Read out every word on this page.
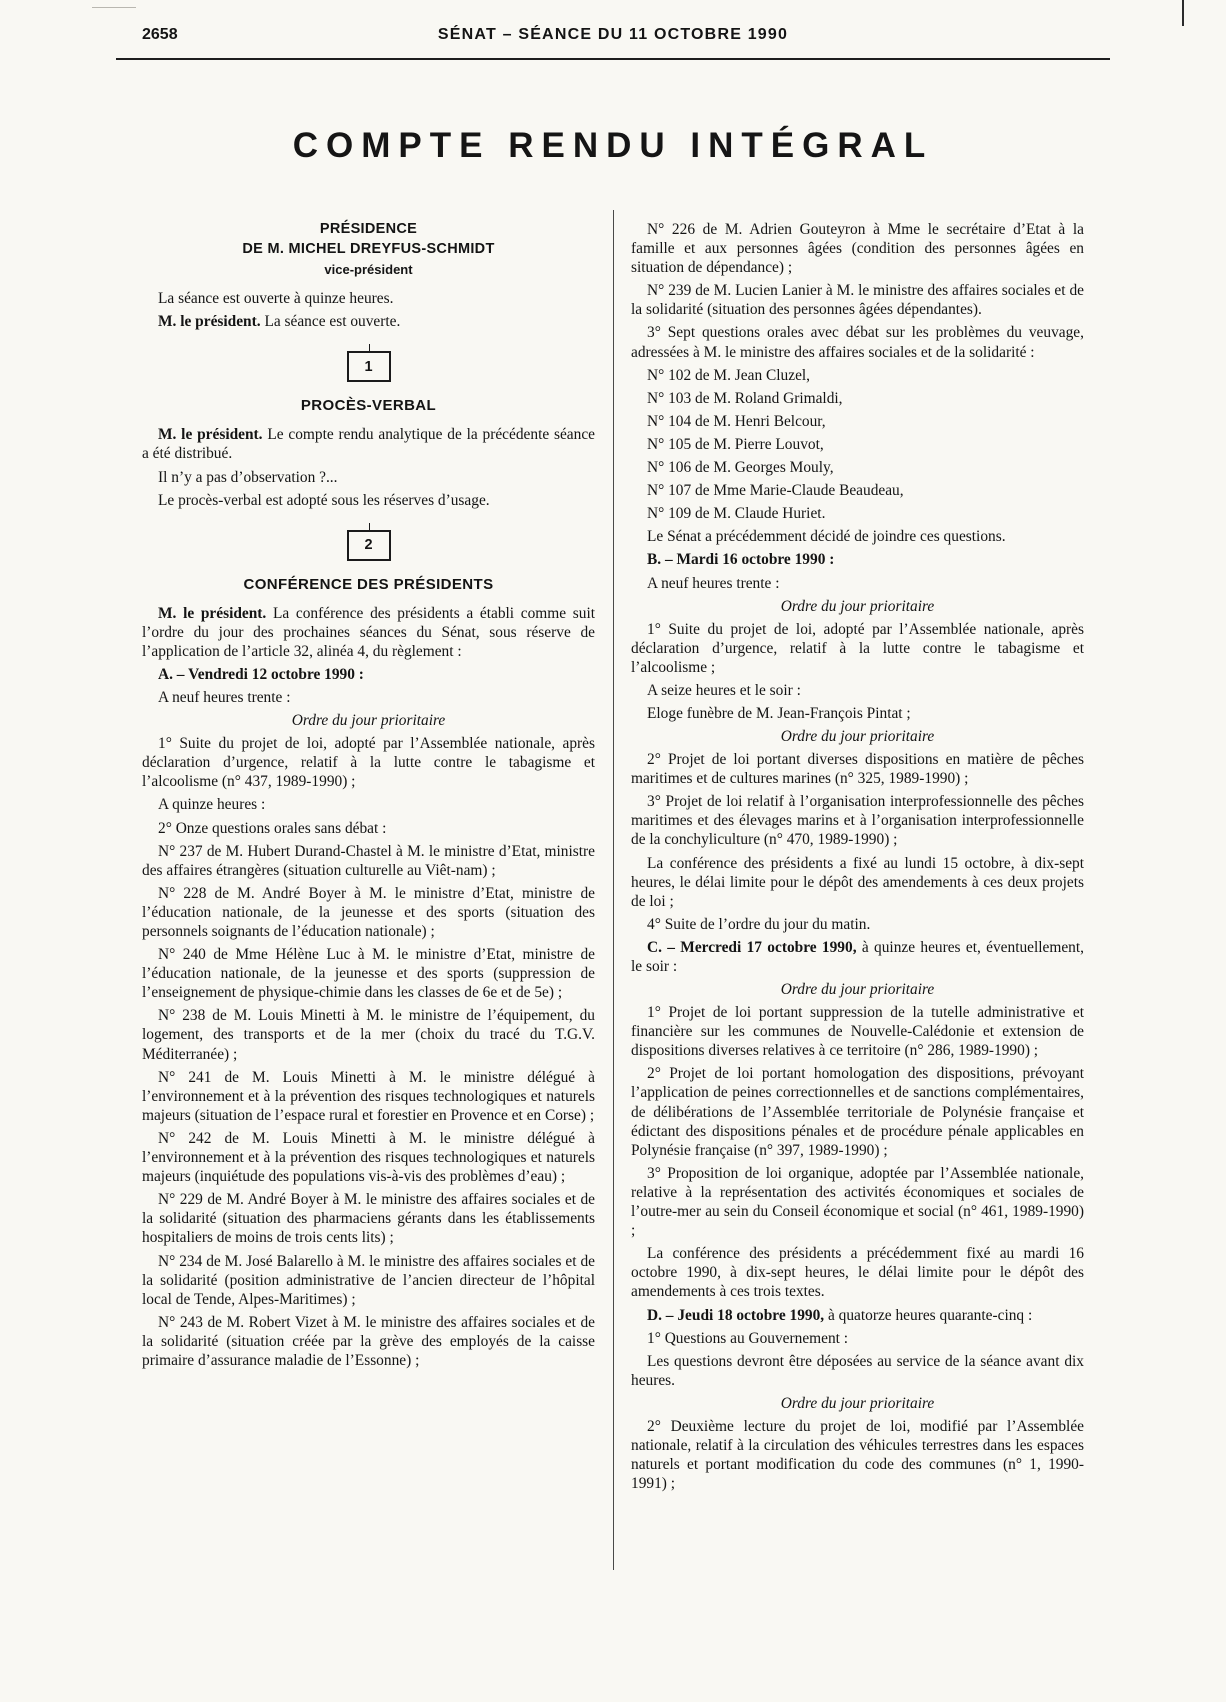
2658	SÉNAT – SÉANCE DU 11 OCTOBRE 1990
COMPTE RENDU INTÉGRAL
PRÉSIDENCE
DE M. MICHEL DREYFUS-SCHMIDT
vice-président

La séance est ouverte à quinze heures.

M. le président. La séance est ouverte.

1
PROCÈS-VERBAL

M. le président. Le compte rendu analytique de la précédente séance a été distribué.

Il n’y a pas d’observation ?...

Le procès-verbal est adopté sous les réserves d’usage.

2
CONFÉRENCE DES PRÉSIDENTS

M. le président. La conférence des présidents a établi comme suit l’ordre du jour des prochaines séances du Sénat, sous réserve de l’application de l’article 32, alinéa 4, du règlement :

A. – Vendredi 12 octobre 1990 :

A neuf heures trente :

Ordre du jour prioritaire

1° Suite du projet de loi, adopté par l’Assemblée nationale, après déclaration d’urgence, relatif à la lutte contre le tabagisme et l’alcoolisme (n° 437, 1989-1990) ;

A quinze heures :

2° Onze questions orales sans débat :

N° 237 de M. Hubert Durand-Chastel à M. le ministre d’Etat, ministre des affaires étrangères (situation culturelle au Viêt-nam) ;

N° 228 de M. André Boyer à M. le ministre d’Etat, ministre de l’éducation nationale, de la jeunesse et des sports (situation des personnels soignants de l’éducation nationale) ;

N° 240 de Mme Hélène Luc à M. le ministre d’Etat, ministre de l’éducation nationale, de la jeunesse et des sports (suppression de l’enseignement de physique-chimie dans les classes de 6e et de 5e) ;

N° 238 de M. Louis Minetti à M. le ministre de l’équipement, du logement, des transports et de la mer (choix du tracé du T.G.V. Méditerranée) ;

N° 241 de M. Louis Minetti à M. le ministre délégué à l’environnement et à la prévention des risques technologiques et naturels majeurs (situation de l’espace rural et forestier en Provence et en Corse) ;

N° 242 de M. Louis Minetti à M. le ministre délégué à l’environnement et à la prévention des risques technologiques et naturels majeurs (inquiétude des populations vis-à-vis des problèmes d’eau) ;

N° 229 de M. André Boyer à M. le ministre des affaires sociales et de la solidarité (situation des pharmaciens gérants dans les établissements hospitaliers de moins de trois cents lits) ;

N° 234 de M. José Balarello à M. le ministre des affaires sociales et de la solidarité (position administrative de l’ancien directeur de l’hôpital local de Tende, Alpes-Maritimes) ;

N° 243 de M. Robert Vizet à M. le ministre des affaires sociales et de la solidarité (situation créée par la grève des employés de la caisse primaire d’assurance maladie de l’Essonne) ;

N° 226 de M. Adrien Gouteyron à Mme le secrétaire d’Etat à la famille et aux personnes âgées (condition des personnes âgées en situation de dépendance) ;

N° 239 de M. Lucien Lanier à M. le ministre des affaires sociales et de la solidarité (situation des personnes âgées dépendantes).

3° Sept questions orales avec débat sur les problèmes du veuvage, adressées à M. le ministre des affaires sociales et de la solidarité :

N° 102 de M. Jean Cluzel,

N° 103 de M. Roland Grimaldi,

N° 104 de M. Henri Belcour,

N° 105 de M. Pierre Louvot,

N° 106 de M. Georges Mouly,

N° 107 de Mme Marie-Claude Beaudeau,

N° 109 de M. Claude Huriet.

Le Sénat a précédemment décidé de joindre ces questions.

B. – Mardi 16 octobre 1990 :

A neuf heures trente :

Ordre du jour prioritaire

1° Suite du projet de loi, adopté par l’Assemblée nationale, après déclaration d’urgence, relatif à la lutte contre le tabagisme et l’alcoolisme ;

A seize heures et le soir :

Eloge funèbre de M. Jean-François Pintat ;

Ordre du jour prioritaire

2° Projet de loi portant diverses dispositions en matière de pêches maritimes et de cultures marines (n° 325, 1989-1990) ;

3° Projet de loi relatif à l’organisation interprofessionnelle des pêches maritimes et des élevages marins et à l’organisation interprofessionnelle de la conchyliculture (n° 470, 1989-1990) ;

La conférence des présidents a fixé au lundi 15 octobre, à dix-sept heures, le délai limite pour le dépôt des amendements à ces deux projets de loi ;

4° Suite de l’ordre du jour du matin.

C. – Mercredi 17 octobre 1990, à quinze heures et, éventuellement, le soir :

Ordre du jour prioritaire

1° Projet de loi portant suppression de la tutelle administrative et financière sur les communes de Nouvelle-Calédonie et extension de dispositions diverses relatives à ce territoire (n° 286, 1989-1990) ;

2° Projet de loi portant homologation des dispositions, prévoyant l’application de peines correctionnelles et de sanctions complémentaires, de délibérations de l’Assemblée territoriale de Polynésie française et édictant des dispositions pénales et de procédure pénale applicables en Polynésie française (n° 397, 1989-1990) ;

3° Proposition de loi organique, adoptée par l’Assemblée nationale, relative à la représentation des activités économiques et sociales de l’outre-mer au sein du Conseil économique et social (n° 461, 1989-1990) ;

La conférence des présidents a précédemment fixé au mardi 16 octobre 1990, à dix-sept heures, le délai limite pour le dépôt des amendements à ces trois textes.

D. – Jeudi 18 octobre 1990, à quatorze heures quarante-cinq :

1° Questions au Gouvernement :

Les questions devront être déposées au service de la séance avant dix heures.

Ordre du jour prioritaire

2° Deuxième lecture du projet de loi, modifié par l’Assemblée nationale, relatif à la circulation des véhicules terrestres dans les espaces naturels et portant modification du code des communes (n° 1, 1990-1991) ;
